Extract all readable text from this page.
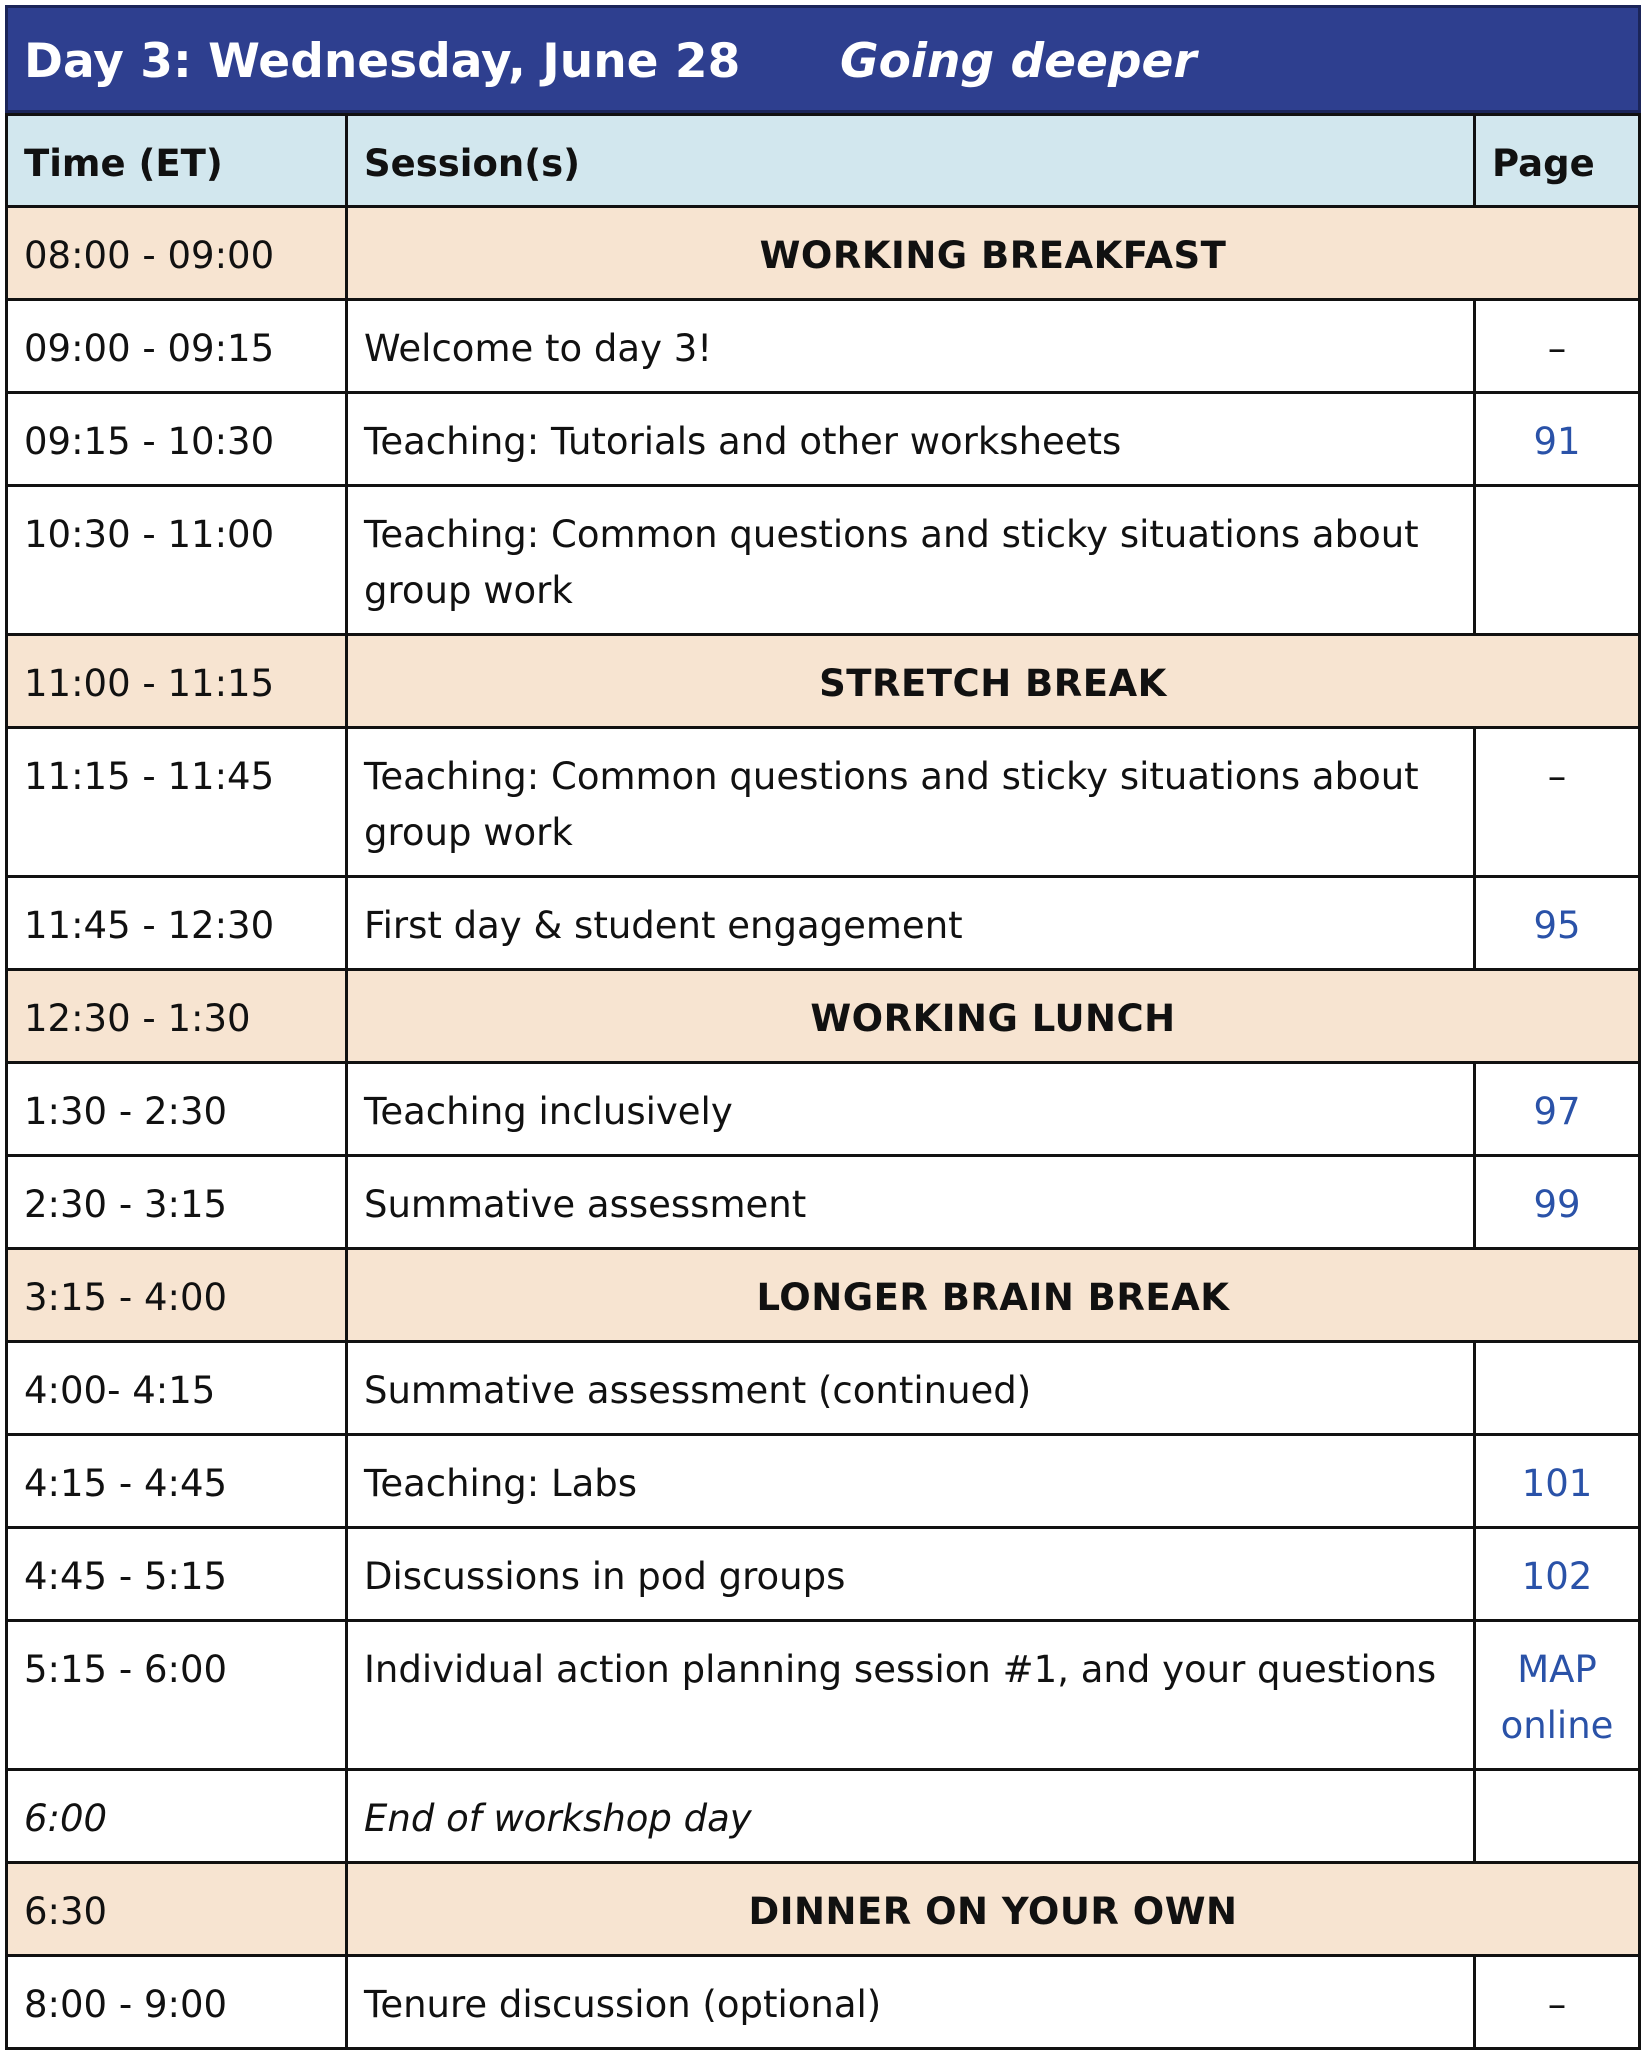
Day 3: Wednesday, June 28 Going deeper
Time (ET)	Session(s)	Page
08:00 - 09:00	WORKING BREAKFAST	
09:00 - 09:15	Welcome to day 3!	–
09:15 - 10:30	Teaching: Tutorials and other worksheets	91
10:30 - 11:00	Teaching: Common questions and sticky situations about group work	
11:00 - 11:15	STRETCH BREAK	
11:15 - 11:45	Teaching: Common questions and sticky situations about group work	–
11:45 - 12:30	First day & student engagement	95
12:30 - 1:30	WORKING LUNCH	
1:30 - 2:30	Teaching inclusively	97
2:30 - 3:15	Summative assessment	99
3:15 - 4:00	LONGER BRAIN BREAK	
4:00- 4:15	Summative assessment (continued)	
4:15 - 4:45	Teaching: Labs	101
4:45 - 5:15	Discussions in pod groups	102
5:15 - 6:00	Individual action planning session #1, and your questions	MAP online
6:00	End of workshop day	
6:30	DINNER ON YOUR OWN	
8:00 - 9:00	Tenure discussion (optional)	–
